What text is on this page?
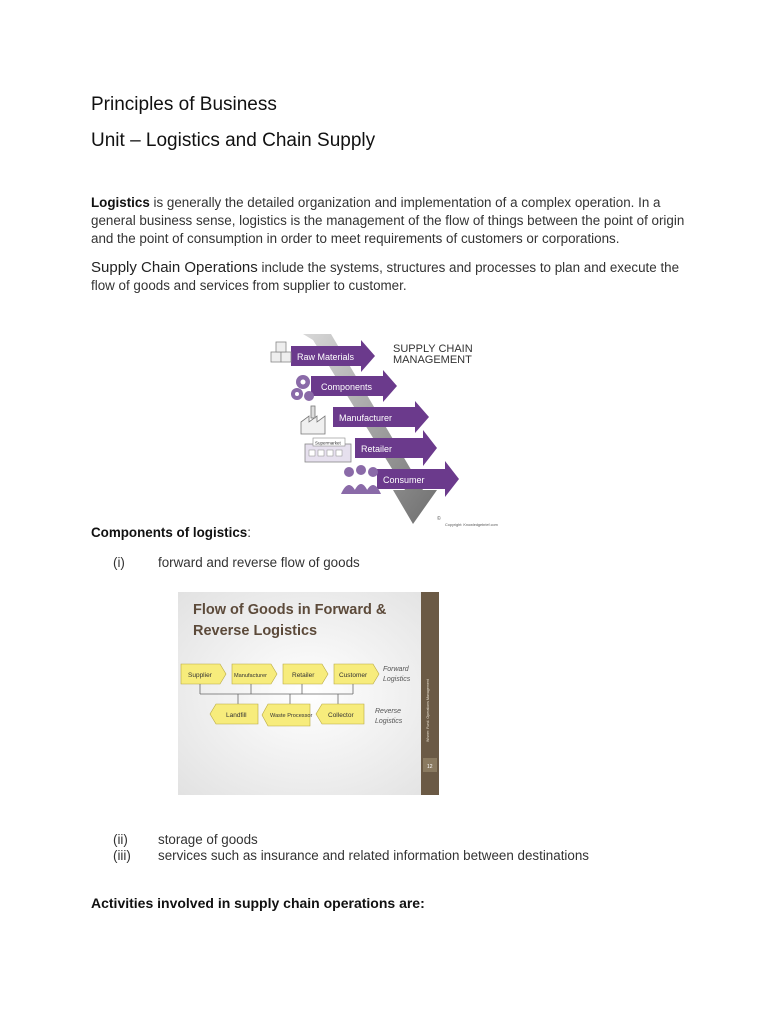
Principles of Business
Unit – Logistics and Chain Supply
Logistics is generally the detailed organization and implementation of a complex operation. In a general business sense, logistics is the management of the flow of things between the point of origin and the point of consumption in order to meet requirements of customers or corporations.
Supply Chain Operations include the systems, structures and processes to plan and execute the flow of goods and services from supplier to customer.
Raw Materials
Components
Manufacturer
Retailer
Consumer
Supermarket
SUPPLY CHAIN
MANAGEMENT
©
Copyright: Knowledgebrief.com
Components of logistics:
(i) forward and reverse flow of goods
Wisner: Fund. Operations Management
12
Flow of Goods in Forward &
Reverse Logistics
Supplier	Manufacturer	Retailer	Customer
Landfill	Waste Processor Collector
Forward
Logistics
Reverse
Logistics
(ii) storage of goods
(iii) services such as insurance and related information between destinations
Activities involved in supply chain operations are:
